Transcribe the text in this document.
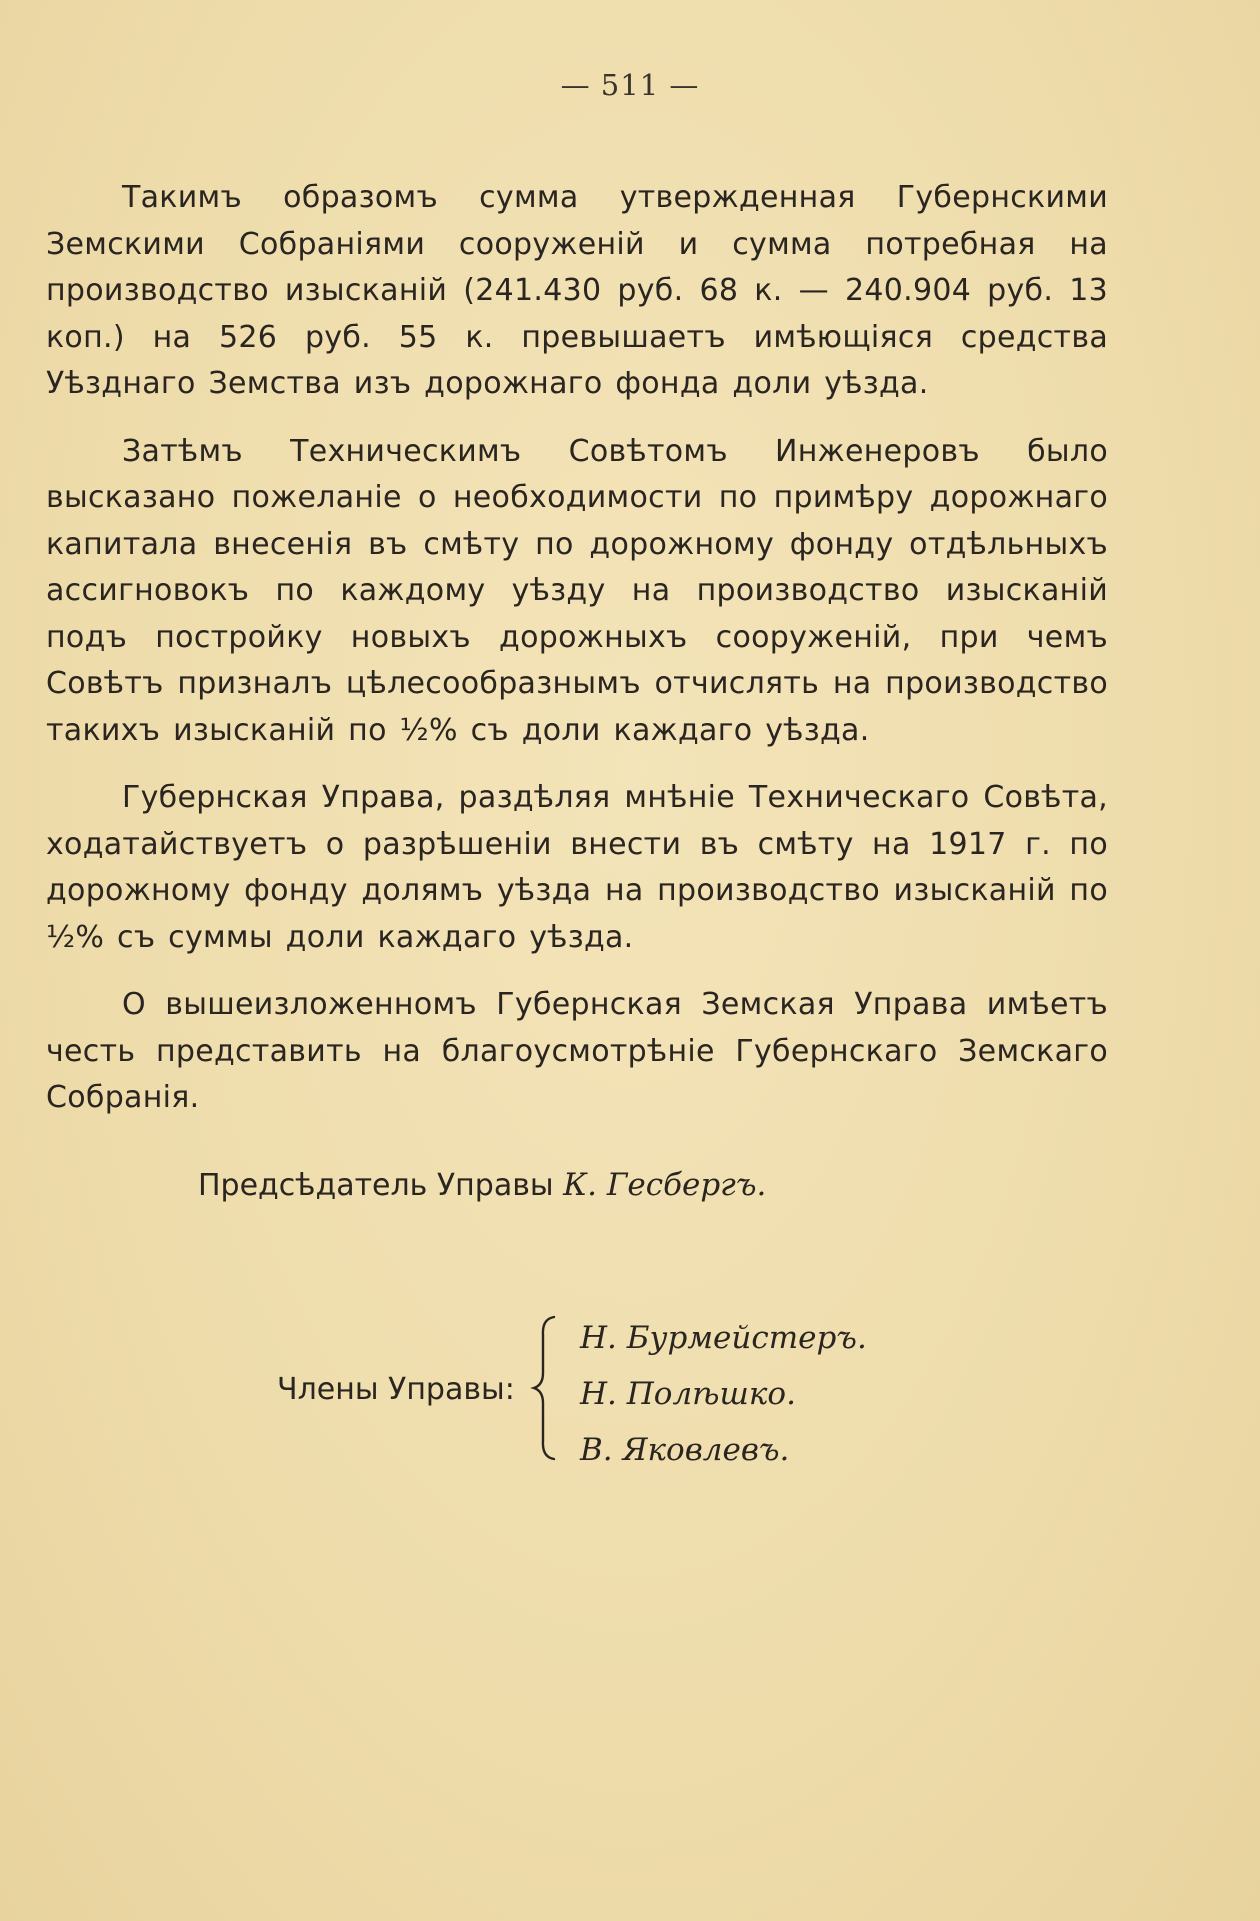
— 511 —

Такимъ образомъ сумма утвержденная Губернскими Земскими Собраніями сооруженій и сумма потребная на производство изысканій (241.430 руб. 68 к. — 240.904 руб. 13 коп.) на 526 руб. 55 к. превышаетъ имѣющіяся средства Уѣзднаго Земства изъ дорожнаго фонда доли уѣзда.

Затѣмъ Техническимъ Совѣтомъ Инженеровъ было высказано пожеланіе о необходимости по примѣру дорожнаго капитала внесенія въ смѣту по дорожному фонду отдѣльныхъ ассигновокъ по каждому уѣзду на производство изысканій подъ постройку новыхъ дорожныхъ сооруженій, при чемъ Совѣтъ призналъ цѣлесообразнымъ отчислять на производство такихъ изысканій по ½% съ доли каждаго уѣзда.

Губернская Управа, раздѣляя мнѣніе Техническаго Совѣта, ходатайствуетъ о разрѣшеніи внести въ смѣту на 1917 г. по дорожному фонду долямъ уѣзда на производство изысканій по ½% съ суммы доли каждаго уѣзда.

О вышеизложенномъ Губернская Земская Управа имѣетъ честь представить на благоусмотрѣніе Губернскаго Земскаго Собранія.

Предсѣдатель Управы К. Гесбергъ.
Члены Управы:
Н. Бурмейстеръ.
Н. Полѣшко.
В. Яковлевъ.
